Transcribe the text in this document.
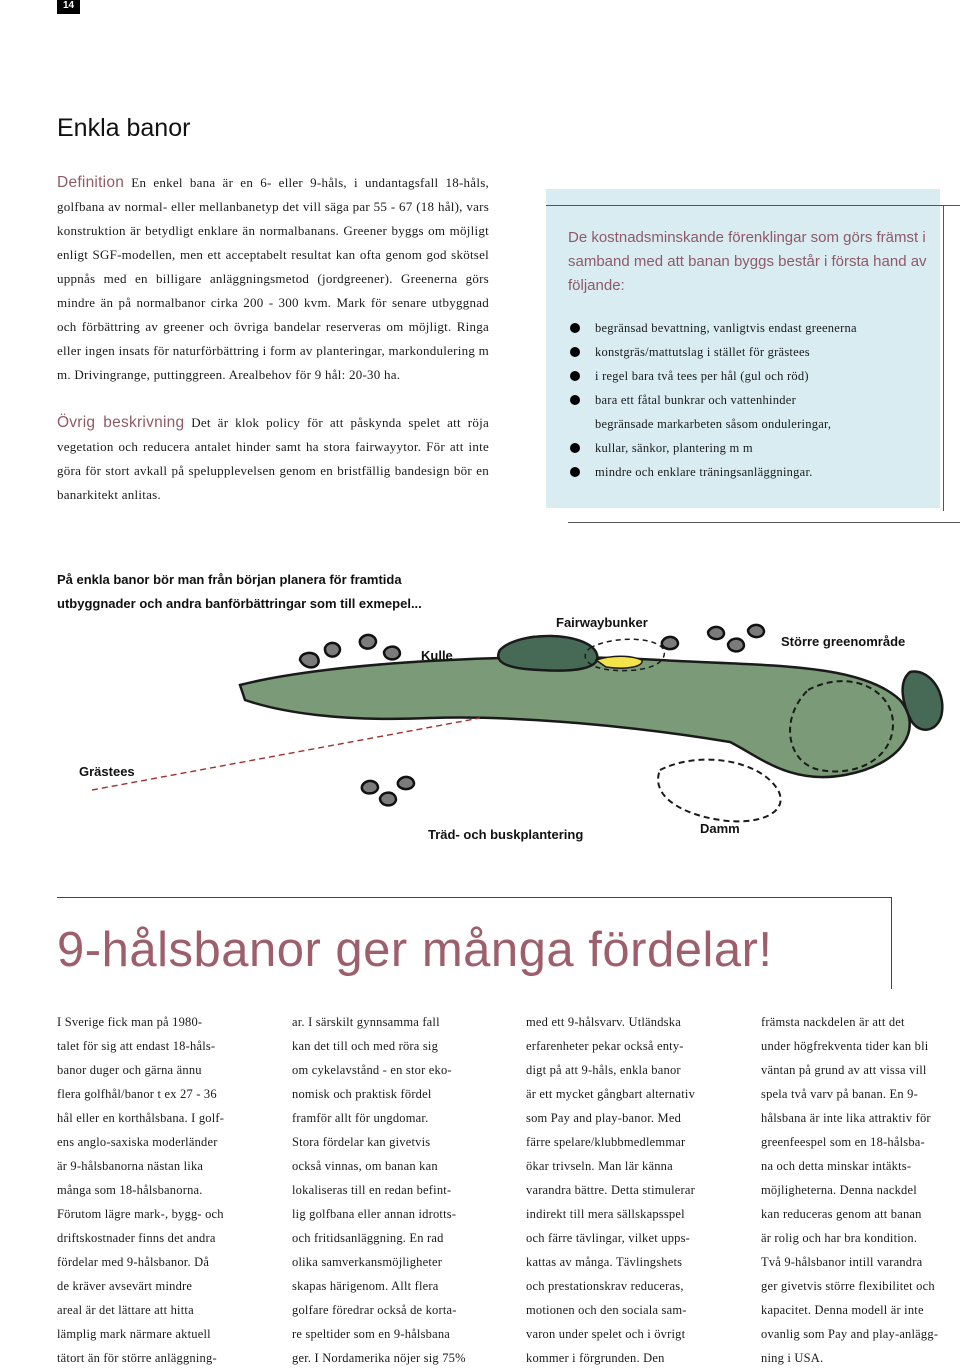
14
Enkla banor
Definition En enkel bana är en 6- eller 9-håls, i undantagsfall 18-håls, golfbana av normal- eller mellanbanetyp det vill säga par 55 - 67 (18 hål), vars konstruktion är betydligt enklare än normalbanans. Greener byggs om möjligt enligt SGF-modellen, men ett acceptabelt resultat kan ofta genom god skötsel uppnås med en billigare anläggningsmetod (jordgreener). Greenerna görs mindre än på normalbanor cirka 200 - 300 kvm. Mark för senare utbyggnad och förbättring av greener och övriga bandelar reserveras om möjligt. Ringa eller ingen insats för naturförbättring i form av planteringar, markondulering m m. Drivingrange, puttinggreen. Arealbehov för 9 hål: 20-30 ha.
Övrig beskrivning Det är klok policy för att påskynda spelet att röja vegetation och reducera antalet hinder samt ha stora fairwayytor. För att inte göra för stort avkall på spelupplevelsen genom en bristfällig bandesign bör en banarkitekt anlitas.
De kostnadsminskande förenklingar som görs främst i samband med att banan byggs består i första hand av följande:
begränsad bevattning, vanligtvis endast greenerna
konstgräs/mattutslag i stället för grästees
i regel bara två tees per hål (gul och röd)
bara ett fåtal bunkrar och vattenhinder
begränsade markarbeten såsom onduleringar,
kullar, sänkor, plantering m m
mindre och enklare träningsanläggningar.
På enkla banor bör man från början planera för framtida
utbyggnader och andra banförbättringar som till exmepel...
Kulle
Fairwaybunker
Större greenområde
Grästees
Träd- och buskplantering	Damm
9-hålsbanor ger många fördelar!
I Sverige fick man på 1980-
talet för sig att endast 18-håls-
banor duger och gärna ännu
flera golfhål/banor t ex 27 - 36
hål eller en korthålsbana. I golf-
ens anglo-saxiska moderländer
är 9-hålsbanorna nästan lika
många som 18-hålsbanorna.
Förutom lägre mark-, bygg- och
driftskostnader finns det andra
fördelar med 9-hålsbanor. Då
de kräver avsevärt mindre
areal är det lättare att hitta
lämplig mark närmare aktuell
tätort än för större anläggning-
ar. I särskilt gynnsamma fall
kan det till och med röra sig
om cykelavstånd - en stor eko-
nomisk och praktisk fördel
framför allt för ungdomar.
Stora fördelar kan givetvis
också vinnas, om banan kan
lokaliseras till en redan befint-
lig golfbana eller annan idrotts-
och fritidsanläggning. En rad
olika samverkansmöjligheter
skapas härigenom. Allt flera
golfare föredrar också de korta-
re speltider som en 9-hålsbana
ger. I Nordamerika nöjer sig 75%
med ett 9-hålsvarv. Utländska
erfarenheter pekar också enty-
digt på att 9-håls, enkla banor
är ett mycket gångbart alternativ
som Pay and play-banor. Med
färre spelare/klubbmedlemmar
ökar trivseln. Man lär känna
varandra bättre. Detta stimulerar
indirekt till mera sällskapsspel
och färre tävlingar, vilket upps-
kattas av många. Tävlingshets
och prestationskrav reduceras,
motionen och den sociala sam-
varon under spelet och i övrigt
kommer i förgrunden. Den
främsta nackdelen är att det
under högfrekventa tider kan bli
väntan på grund av att vissa vill
spela två varv på banan. En 9-
hålsbana är inte lika attraktiv för
greenfeespel som en 18-hålsba-
na och detta minskar intäkts-
möjligheterna. Denna nackdel
kan reduceras genom att banan
är rolig och har bra kondition.
Två 9-hålsbanor intill varandra
ger givetvis större flexibilitet och
kapacitet. Denna modell är inte
ovanlig som Pay and play-anlägg-
ning i USA.
